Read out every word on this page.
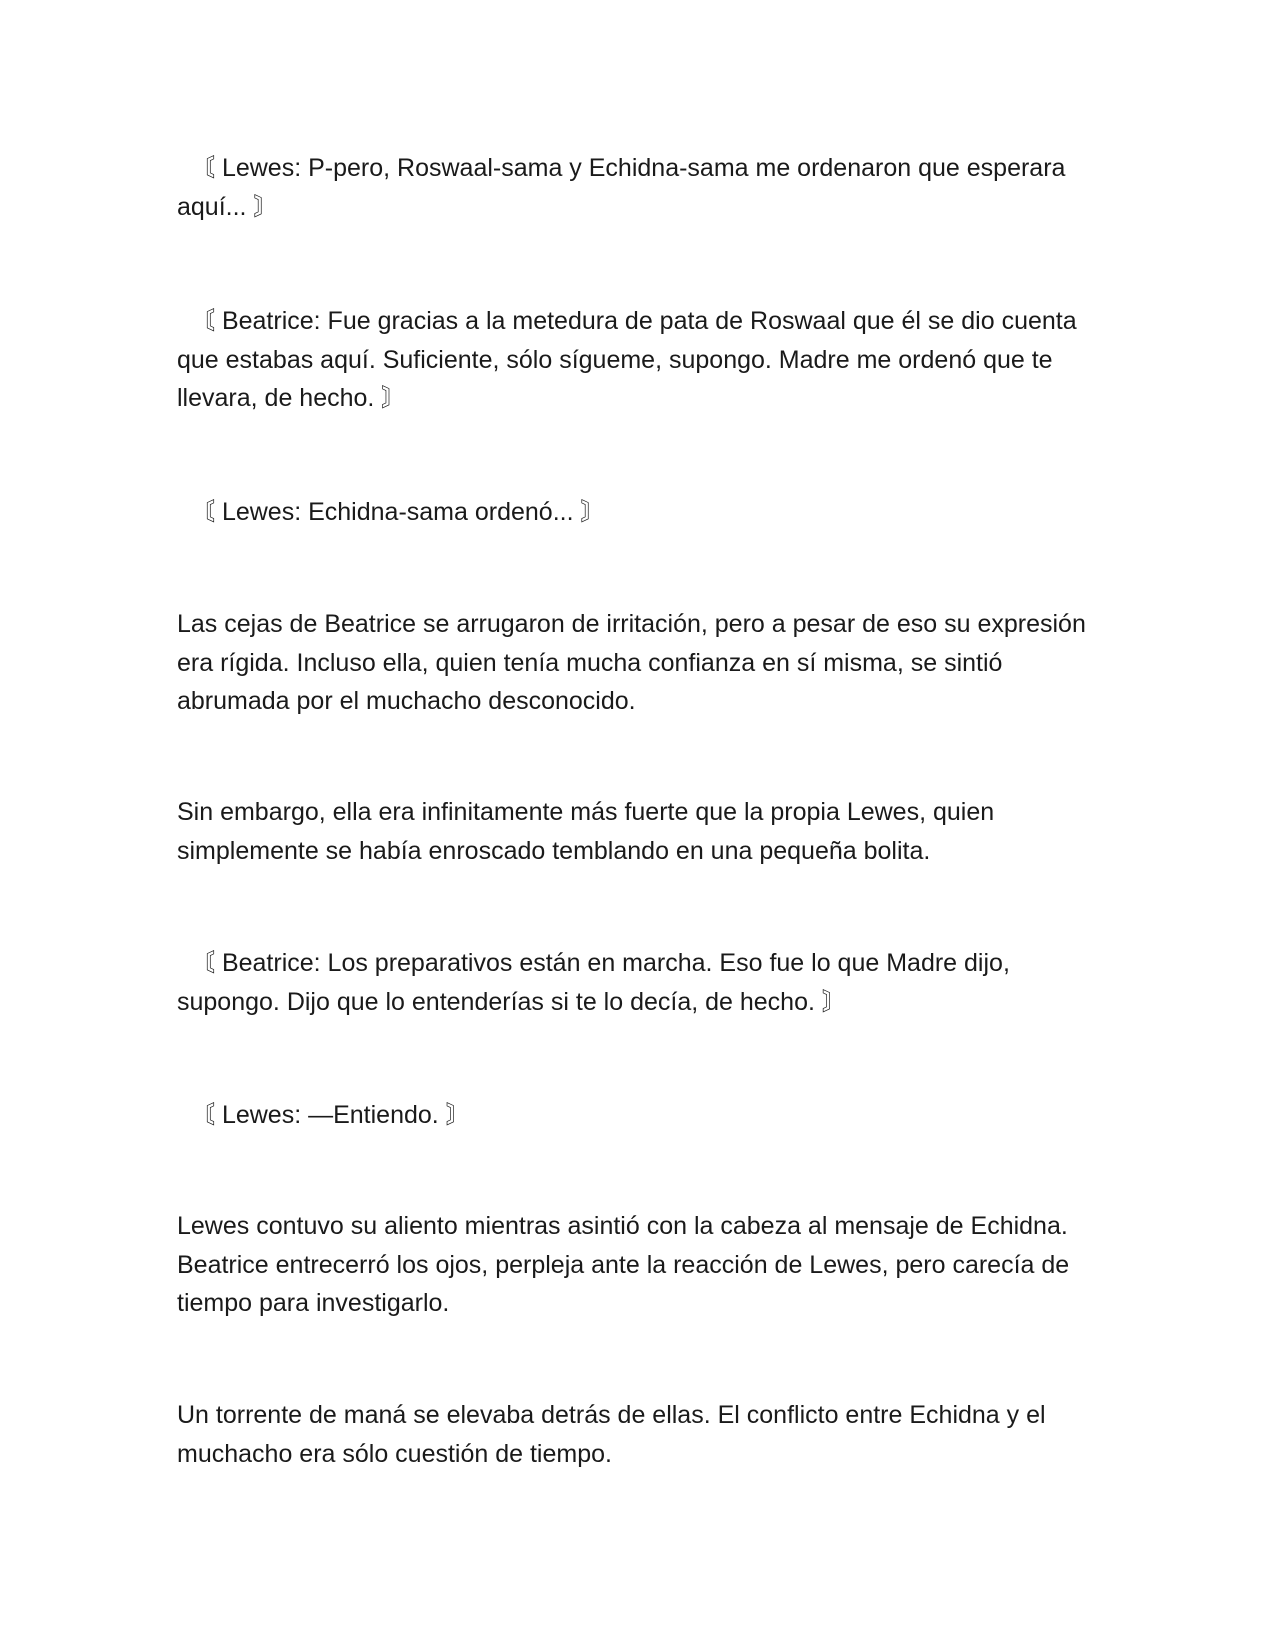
〘 Lewes: P-pero, Roswaal-sama y Echidna-sama me ordenaron que esperara aquí... 〙

〘 Beatrice: Fue gracias a la metedura de pata de Roswaal que él se dio cuenta que estabas aquí. Suficiente, sólo sígueme, supongo. Madre me ordenó que te llevara, de hecho. 〙

〘 Lewes: Echidna-sama ordenó... 〙

Las cejas de Beatrice se arrugaron de irritación, pero a pesar de eso su expresión era rígida. Incluso ella, quien tenía mucha confianza en sí misma, se sintió abrumada por el muchacho desconocido.

Sin embargo, ella era infinitamente más fuerte que la propia Lewes, quien simplemente se había enroscado temblando en una pequeña bolita.

〘 Beatrice: Los preparativos están en marcha. Eso fue lo que Madre dijo, supongo. Dijo que lo entenderías si te lo decía, de hecho. 〙

〘 Lewes: —Entiendo. 〙

Lewes contuvo su aliento mientras asintió con la cabeza al mensaje de Echidna. Beatrice entrecerró los ojos, perpleja ante la reacción de Lewes, pero carecía de tiempo para investigarlo.

Un torrente de maná se elevaba detrás de ellas. El conflicto entre Echidna y el muchacho era sólo cuestión de tiempo.
